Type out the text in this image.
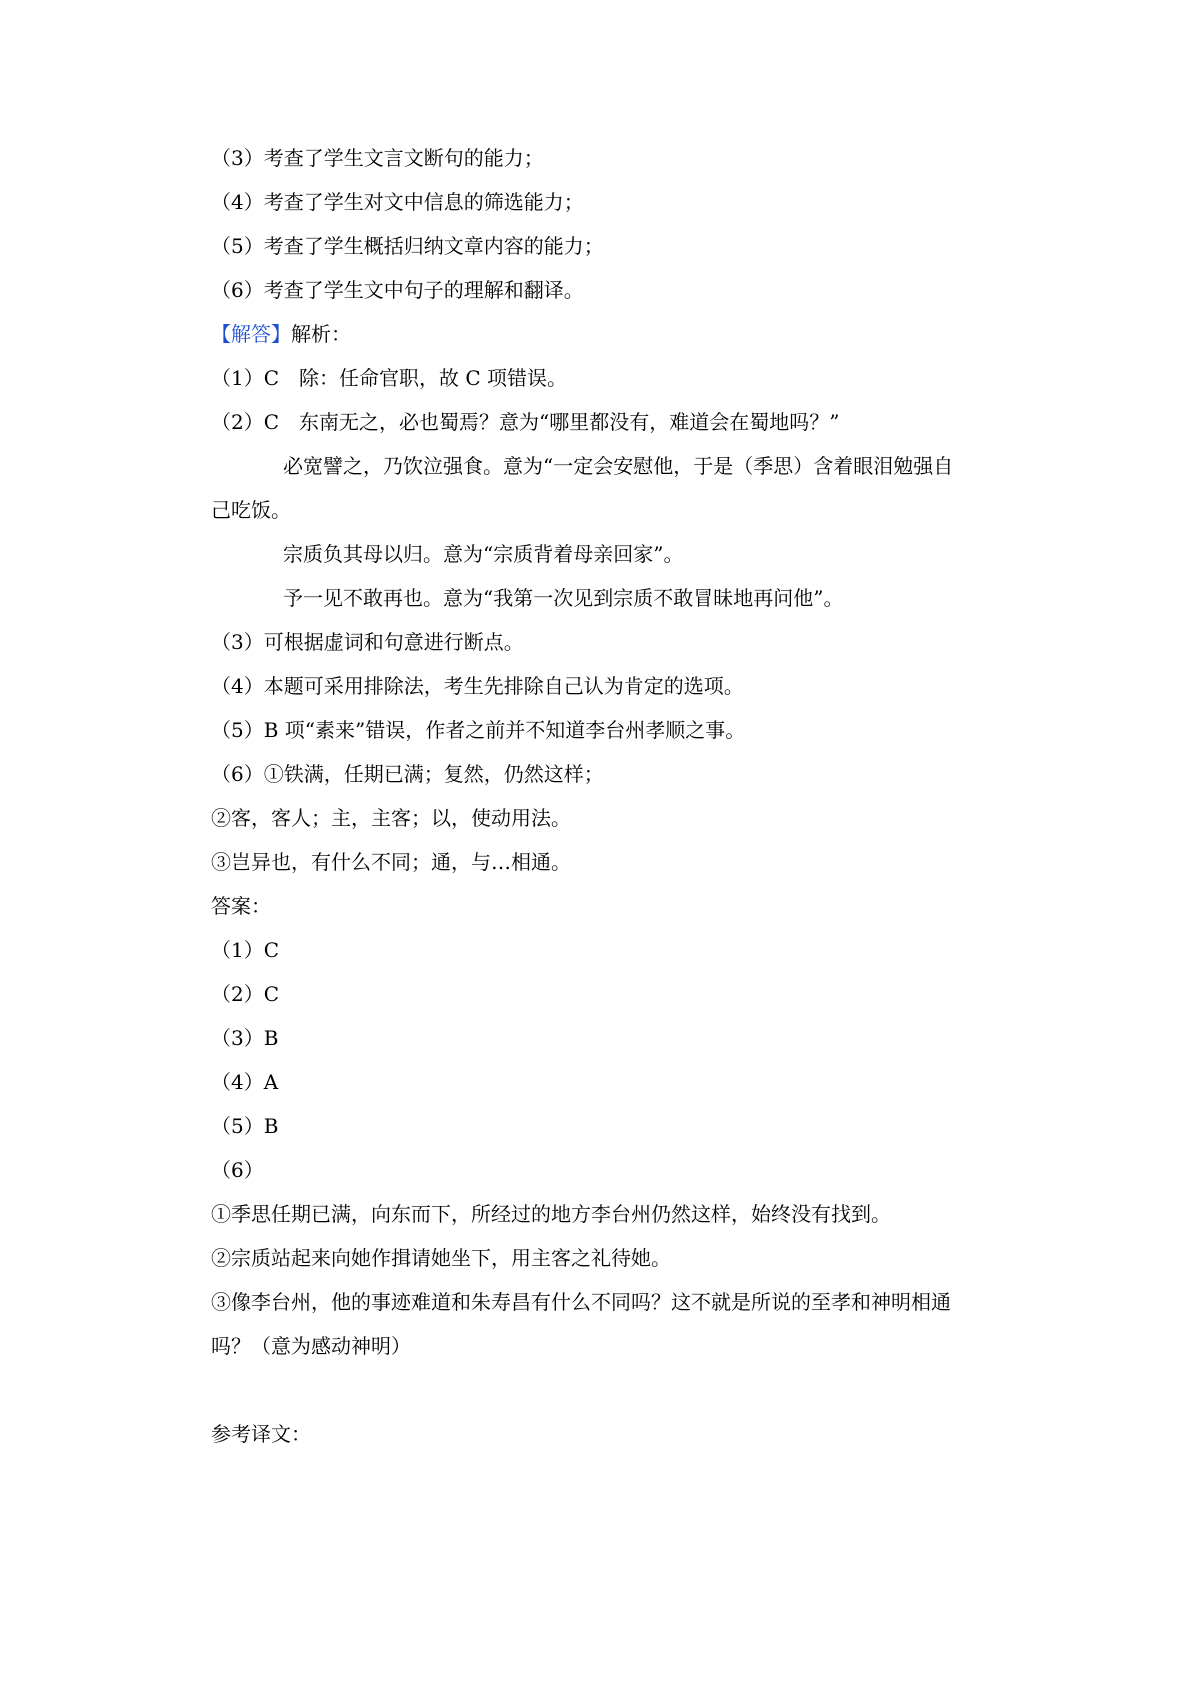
（3）考查了学生文言文断句的能力；
（4）考查了学生对文中信息的筛选能力；
（5）考查了学生概括归纳文章内容的能力；
（6）考查了学生文中句子的理解和翻译。
【解答】解析：
（1）C　除：任命官职，故 C 项错误。
（2）C　东南无之，必也蜀焉？意为“哪里都没有，难道会在蜀地吗？”
必宽譬之，乃饮泣强食。意为“一定会安慰他，于是（季思）含着眼泪勉强自
己吃饭。
宗质负其母以归。意为“宗质背着母亲回家”。
予一见不敢再也。意为“我第一次见到宗质不敢冒昧地再问他”。
（3）可根据虚词和句意进行断点。
（4）本题可采用排除法，考生先排除自己认为肯定的选项。
（5）B 项“素来”错误，作者之前并不知道李台州孝顺之事。
（6）①铁满，任期已满；复然，仍然这样；
②客，客人；主，主客；以，使动用法。
③岂异也，有什么不同；通，与…相通。
答案：
（1）C
（2）C
（3）B
（4）A
（5）B
（6）
①季思任期已满，向东而下，所经过的地方李台州仍然这样，始终没有找到。
②宗质站起来向她作揖请她坐下，用主客之礼待她。
③像李台州，他的事迹难道和朱寿昌有什么不同吗？这不就是所说的至孝和神明相通
吗？（意为感动神明）
参考译文：
